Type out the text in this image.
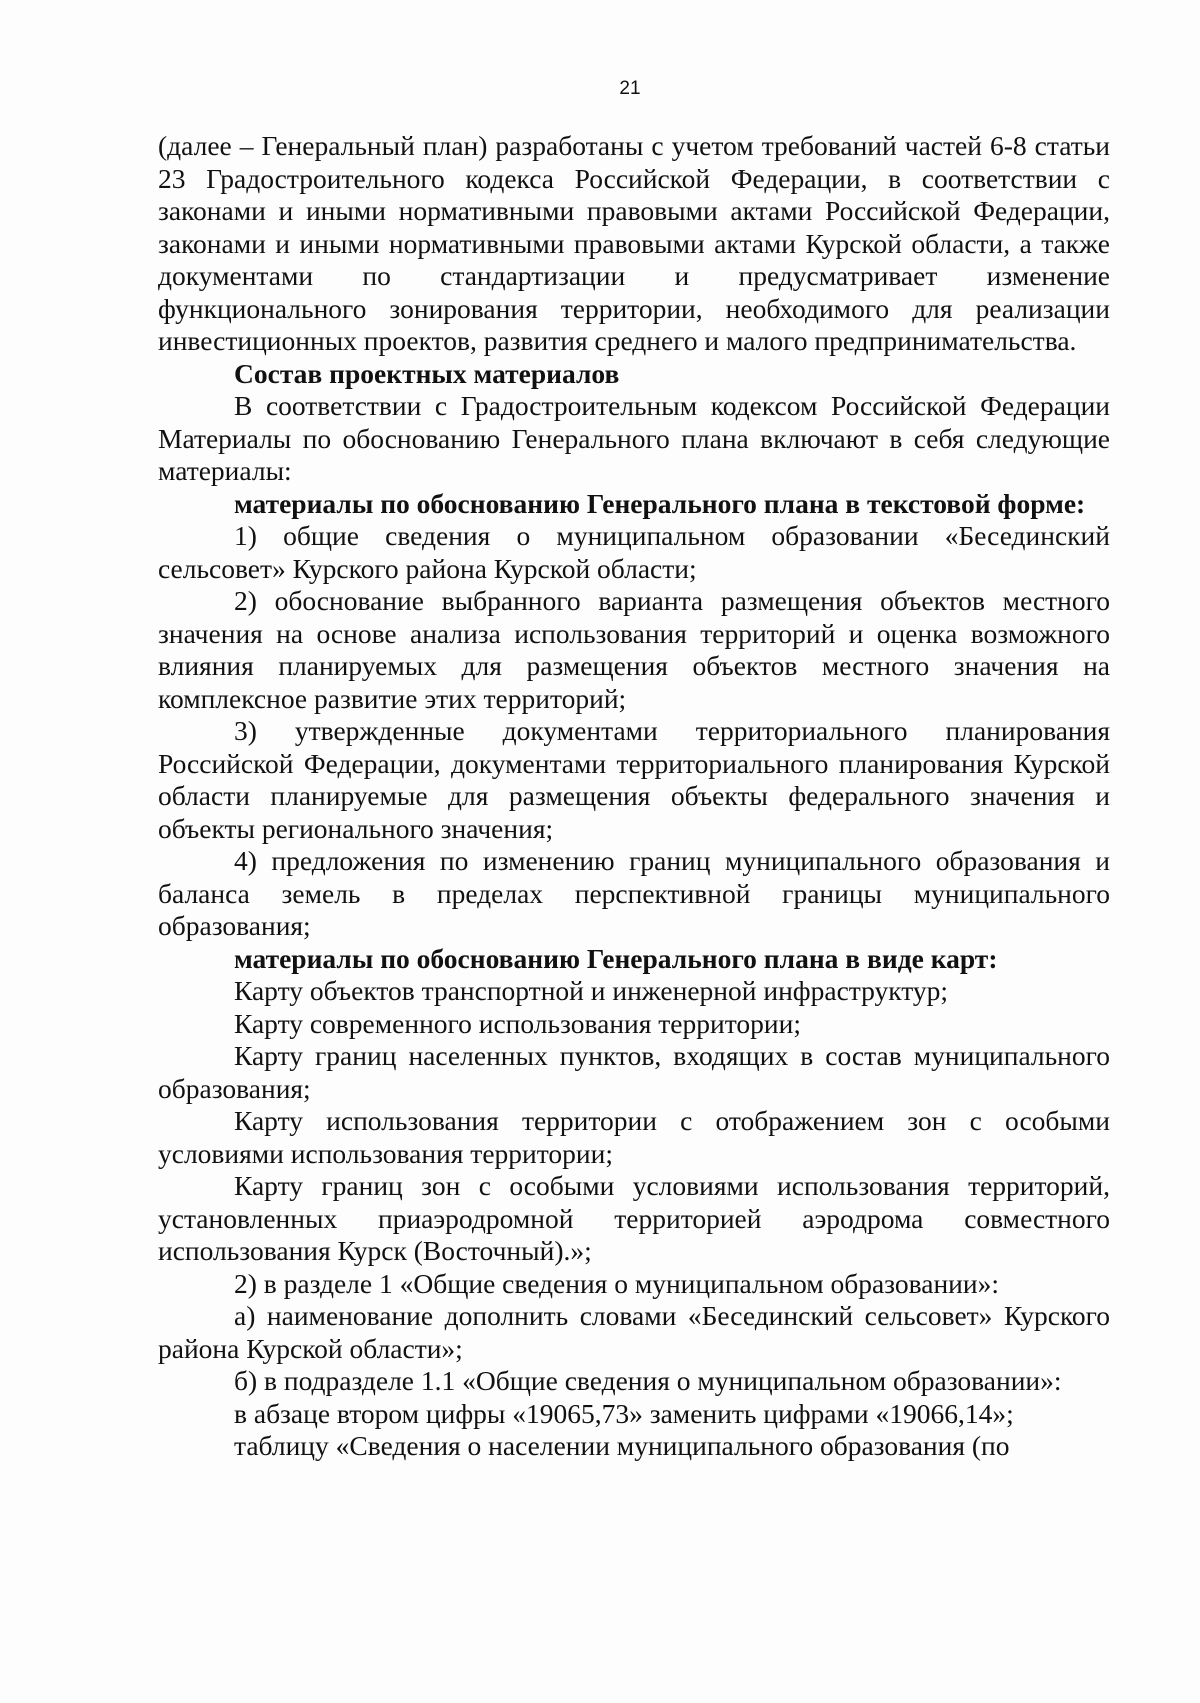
21

(далее – Генеральный план) разработаны с учетом требований частей 6-8 статьи 23 Градостроительного кодекса Российской Федерации, в соответствии с законами и иными нормативными правовыми актами Российской Федерации, законами и иными нормативными правовыми актами Курской области, а также документами по стандартизации и предусматривает изменение функционального зонирования территории, необходимого для реализации инвестиционных проектов, развития среднего и малого предпринимательства.

Состав проектных материалов

В соответствии с Градостроительным кодексом Российской Федерации Материалы по обоснованию Генерального плана включают в себя следующие материалы:

материалы по обоснованию Генерального плана в текстовой форме:

1) общие сведения о муниципальном образовании «Бесединский сельсовет» Курского района Курской области;

2) обоснование выбранного варианта размещения объектов местного значения на основе анализа использования территорий и оценка возможного влияния планируемых для размещения объектов местного значения на комплексное развитие этих территорий;

3) утвержденные документами территориального планирования Российской Федерации, документами территориального планирования Курской области планируемые для размещения объекты федерального значения и объекты регионального значения;

4) предложения по изменению границ муниципального образования и баланса земель в пределах перспективной границы муниципального образования;

материалы по обоснованию Генерального плана в виде карт:

Карту объектов транспортной и инженерной инфраструктур;

Карту современного использования территории;

Карту границ населенных пунктов, входящих в состав муниципального образования;

Карту использования территории с отображением зон с особыми условиями использования территории;

Карту границ зон с особыми условиями использования территорий, установленных приаэродромной территорией аэродрома совместного использования Курск (Восточный).»;

2) в разделе 1 «Общие сведения о муниципальном образовании»:

а) наименование дополнить словами «Бесединский сельсовет» Курского района Курской области»;

б) в подразделе 1.1 «Общие сведения о муниципальном образовании»:

в абзаце втором цифры «19065,73» заменить цифрами «19066,14»;

таблицу «Сведения о населении муниципального образования (по
